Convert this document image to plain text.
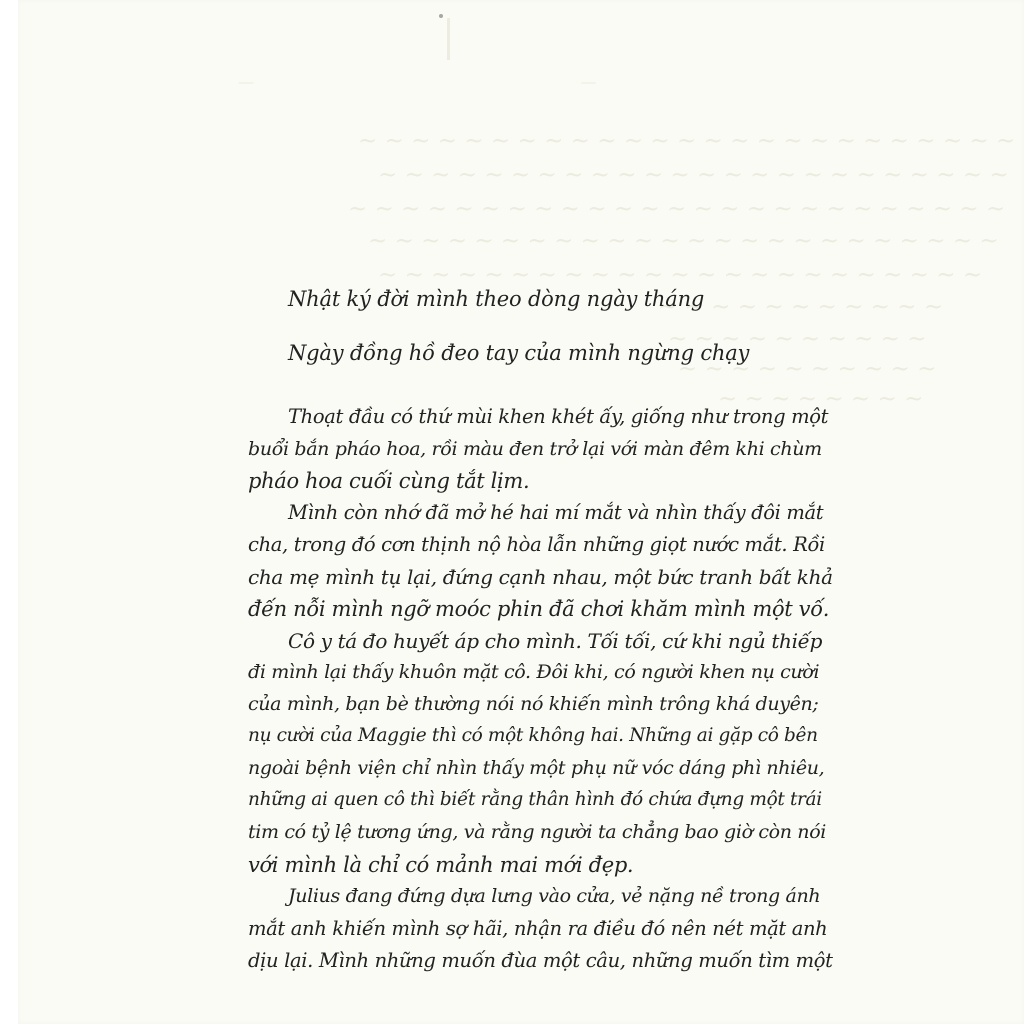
—                                        —
~ ~ ~ ~ ~ ~ ~ ~ ~ ~ ~ ~ ~ ~ ~ ~ ~ ~ ~ ~ ~ ~ ~ ~ ~
~ ~ ~ ~ ~ ~ ~ ~ ~ ~ ~ ~ ~ ~ ~ ~ ~ ~ ~ ~ ~ ~ ~ ~
~ ~ ~ ~ ~ ~ ~ ~ ~ ~ ~ ~ ~ ~ ~ ~ ~ ~ ~ ~ ~ ~ ~ ~ ~
~ ~ ~ ~ ~ ~ ~ ~ ~ ~ ~ ~ ~ ~ ~ ~ ~ ~ ~ ~ ~ ~ ~ ~
~ ~ ~ ~ ~ ~ ~ ~ ~ ~ ~ ~ ~ ~ ~ ~ ~ ~ ~ ~ ~ ~ ~
~ ~ ~ ~ ~ ~ ~ ~ ~ ~ ~
~ ~ ~ ~ ~ ~ ~ ~ ~ ~
~ ~ ~ ~ ~ ~ ~ ~ ~ ~
~ ~ ~ ~ ~ ~ ~ ~
Nhật ký đời mình theo dòng ngày tháng
Ngày đồng hồ đeo tay của mình ngừng chạy
Thoạt đầu có thứ mùi khen khét ấy, giống như trong một
buổi bắn pháo hoa, rồi màu đen trở lại với màn đêm khi chùm
pháo hoa cuối cùng tắt lịm.
Mình còn nhớ đã mở hé hai mí mắt và nhìn thấy đôi mắt
cha, trong đó cơn thịnh nộ hòa lẫn những giọt nước mắt. Rồi
cha mẹ mình tụ lại, đứng cạnh nhau, một bức tranh bất khả
đến nỗi mình ngỡ moóc phin đã chơi khăm mình một vố.
Cô y tá đo huyết áp cho mình. Tối tối, cứ khi ngủ thiếp
đi mình lại thấy khuôn mặt cô. Đôi khi, có người khen nụ cười
của mình, bạn bè thường nói nó khiến mình trông khá duyên;
nụ cười của Maggie thì có một không hai. Những ai gặp cô bên
ngoài bệnh viện chỉ nhìn thấy một phụ nữ vóc dáng phì nhiêu,
những ai quen cô thì biết rằng thân hình đó chứa đựng một trái
tim có tỷ lệ tương ứng, và rằng người ta chẳng bao giờ còn nói
với mình là chỉ có mảnh mai mới đẹp.
Julius đang đứng dựa lưng vào cửa, vẻ nặng nề trong ánh
mắt anh khiến mình sợ hãi, nhận ra điều đó nên nét mặt anh
dịu lại. Mình những muốn đùa một câu, những muốn tìm một
